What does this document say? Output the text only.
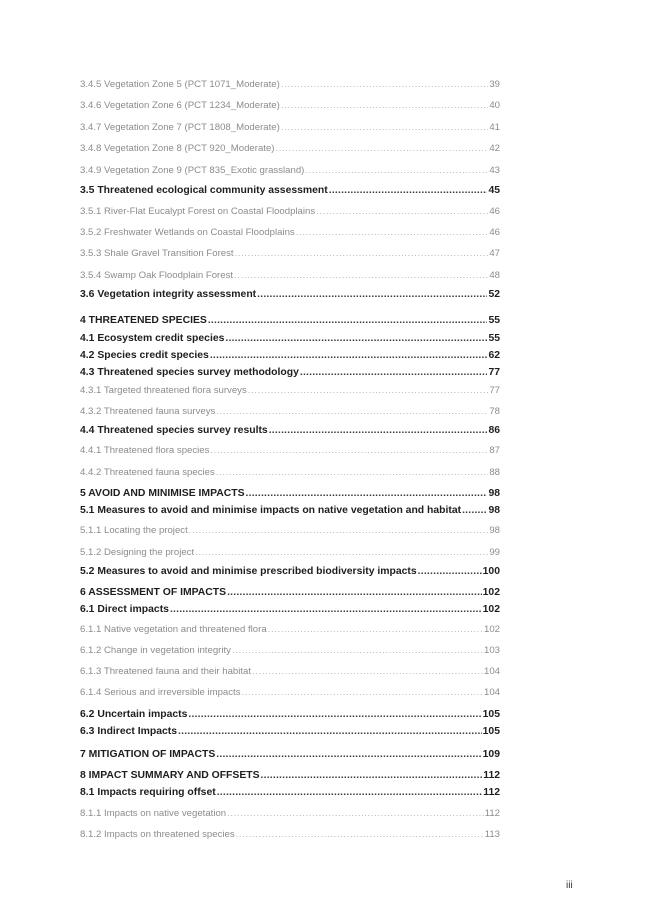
3.4.5 Vegetation Zone 5 (PCT 1071_Moderate) .....	39
3.4.6 Vegetation Zone 6 (PCT 1234_Moderate) .....	40
3.4.7 Vegetation Zone 7 (PCT 1808_Moderate) .....	41
3.4.8 Vegetation Zone 8 (PCT 920_Moderate) .....	42
3.4.9 Vegetation Zone 9 (PCT 835_Exotic grassland) .....	43
3.5 Threatened ecological community assessment .....	45
3.5.1 River-Flat Eucalypt Forest on Coastal Floodplains .....	46
3.5.2 Freshwater Wetlands on Coastal Floodplains .....	46
3.5.3 Shale Gravel Transition Forest .....	47
3.5.4 Swamp Oak Floodplain Forest .....	48
3.6 Vegetation integrity assessment .....	52
4 THREATENED SPECIES .....	55
4.1 Ecosystem credit species .....	55
4.2 Species credit species .....	62
4.3 Threatened species survey methodology .....	77
4.3.1 Targeted threatened flora surveys .....	77
4.3.2 Threatened fauna surveys .....	78
4.4 Threatened species survey results .....	86
4.4.1 Threatened flora species .....	87
4.4.2 Threatened fauna species .....	88
5 AVOID AND MINIMISE IMPACTS .....	98
5.1 Measures to avoid and minimise impacts on native vegetation and habitat .....	98
5.1.1 Locating the project .....	98
5.1.2 Designing the project .....	99
5.2 Measures to avoid and minimise prescribed biodiversity impacts .....	100
6 ASSESSMENT OF IMPACTS .....	102
6.1 Direct impacts .....	102
6.1.1 Native vegetation and threatened flora .....	102
6.1.2 Change in vegetation integrity .....	103
6.1.3 Threatened fauna and their habitat .....	104
6.1.4 Serious and irreversible impacts .....	104
6.2 Uncertain impacts .....	105
6.3 Indirect Impacts .....	105
7 MITIGATION OF IMPACTS .....	109
8 IMPACT SUMMARY AND OFFSETS .....	112
8.1 Impacts requiring offset .....	112
8.1.1 Impacts on native vegetation .....	112
8.1.2 Impacts on threatened species .....	113
iii
